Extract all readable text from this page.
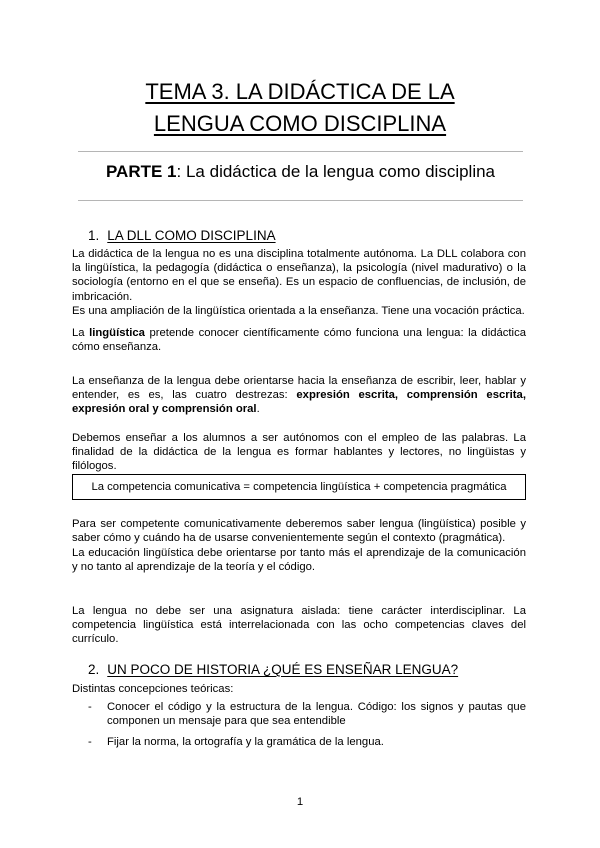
TEMA 3. LA DIDÁCTICA DE LA
LENGUA COMO DISCIPLINA
PARTE 1: La didáctica de la lengua como disciplina
1. LA DLL COMO DISCIPLINA

La didáctica de la lengua no es una disciplina totalmente autónoma. La DLL colabora con la lingüística, la pedagogía (didáctica o enseñanza), la psicología (nivel madurativo) o la sociología (entorno en el que se enseña). Es un espacio de confluencias, de inclusión, de imbricación.

Es una ampliación de la lingüística orientada a la enseñanza. Tiene una vocación práctica.

La lingüística pretende conocer científicamente cómo funciona una lengua: la didáctica cómo enseñanza.

La enseñanza de la lengua debe orientarse hacia la enseñanza de escribir, leer, hablar y entender, es es, las cuatro destrezas: expresión escrita, comprensión escrita, expresión oral y comprensión oral.

Debemos enseñar a los alumnos a ser autónomos con el empleo de las palabras. La finalidad de la didáctica de la lengua es formar hablantes y lectores, no lingüistas y filólogos.

La competencia comunicativa = competencia lingüística + competencia pragmática

Para ser competente comunicativamente deberemos saber lengua (lingüística) posible y saber cómo y cuándo ha de usarse convenientemente según el contexto (pragmática).

La educación lingüística debe orientarse por tanto más el aprendizaje de la comunicación y no tanto al aprendizaje de la teoría y el código.

La lengua no debe ser una asignatura aislada: tiene carácter interdisciplinar. La competencia lingüística está interrelacionada con las ocho competencias claves del currículo.

2. UN POCO DE HISTORIA ¿QUÉ ES ENSEÑAR LENGUA?

Distintas concepciones teóricas:

- Conocer el código y la estructura de la lengua. Código: los signos y pautas que componen un mensaje para que sea entendible
- Fijar la norma, la ortografía y la gramática de la lengua.
1
